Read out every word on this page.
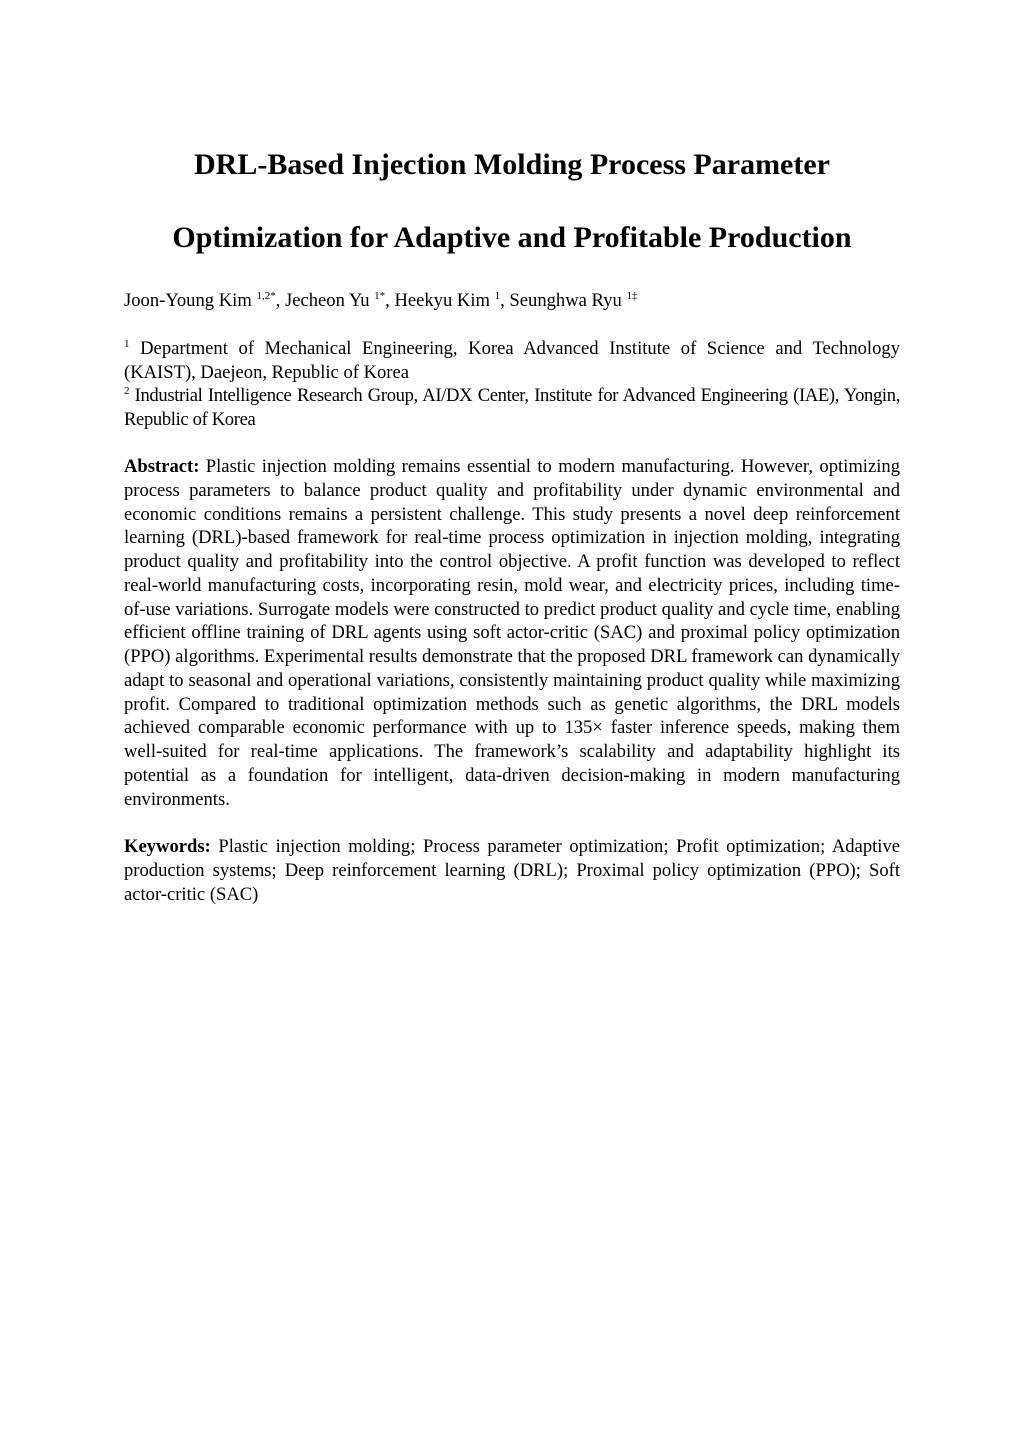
DRL-Based Injection Molding Process Parameter
Optimization for Adaptive and Profitable Production
Joon-Young Kim $^{1,2*}$, Jecheon Yu $^{1*}$, Heekyu Kim $^1$, Seunghwa Ryu $^{1\ddagger}$
$^1$ Department of Mechanical Engineering, Korea Advanced Institute of Science and Technology (KAIST), Daejeon, Republic of Korea
$^2$ Industrial Intelligence Research Group, AI/DX Center, Institute for Advanced Engineering (IAE), Yongin, Republic of Korea

Abstract: Plastic injection molding remains essential to modern manufacturing. However, optimizing process parameters to balance product quality and profitability under dynamic environmental and economic conditions remains a persistent challenge. This study presents a novel deep reinforcement learning (DRL)-based framework for real-time process optimization in injection molding, integrating product quality and profitability into the control objective. A profit function was developed to reflect real-world manufacturing costs, incorporating resin, mold wear, and electricity prices, including time-of-use variations. Surrogate models were constructed to predict product quality and cycle time, enabling efficient offline training of DRL agents using soft actor-critic (SAC) and proximal policy optimization (PPO) algorithms. Experimental results demonstrate that the proposed DRL framework can dynamically adapt to seasonal and operational variations, consistently maintaining product quality while maximizing profit. Compared to traditional optimization methods such as genetic algorithms, the DRL models achieved comparable economic performance with up to 135× faster inference speeds, making them well-suited for real-time applications. The framework’s scalability and adaptability highlight its potential as a foundation for intelligent, data-driven decision-making in modern manufacturing environments.

Keywords: Plastic injection molding; Process parameter optimization; Profit optimization; Adaptive production systems; Deep reinforcement learning (DRL); Proximal policy optimization (PPO); Soft actor-critic (SAC)
